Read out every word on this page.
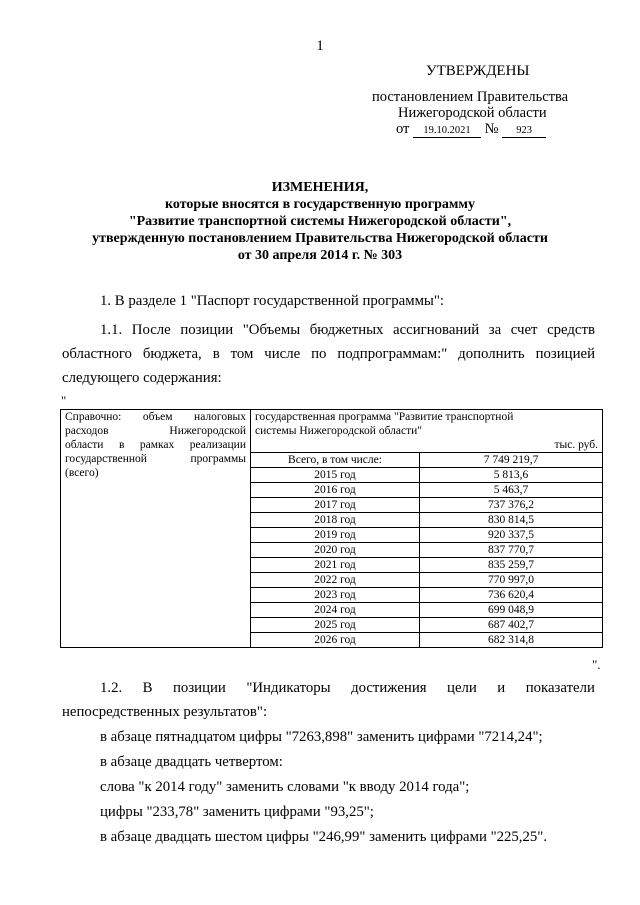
1
УТВЕРЖДЕНЫ
постановлением Правительства
Нижегородской области
от 19.10.2021 № 923
ИЗМЕНЕНИЯ,
которые вносятся в государственную программу
"Развитие транспортной системы Нижегородской области",
утвержденную постановлением Правительства Нижегородской области
от 30 апреля 2014 г. № 303
1. В разделе 1 "Паспорт государственной программы":
1.1. После позиции "Объемы бюджетных ассигнований за счет средств
областного бюджета, в том числе по подпрограммам:" дополнить позицией
следующего содержания:
"
Справочно: объем налоговых
расходов Нижегородской
области в рамках реализации
государственной программы
(всего)	государственная программа "Развитие транспортной
системы Нижегородской области"	
	тыс. руб.	
	Всего, в том числе:	7 749 219,7
	2015 год	5 813,6
	2016 год	5 463,7
	2017 год	737 376,2
	2018 год	830 814,5
	2019 год	920 337,5
	2020 год	837 770,7
	2021 год	835 259,7
	2022 год	770 997,0
	2023 год	736 620,4
	2024 год	699 048,9
	2025 год	687 402,7
	2026 год	682 314,8
".
1.2. В позиции "Индикаторы достижения цели и показатели
непосредственных результатов":
в абзаце пятнадцатом цифры "7263,898" заменить цифрами "7214,24";
в абзаце двадцать четвертом:
слова "к 2014 году" заменить словами "к вводу 2014 года";
цифры "233,78" заменить цифрами "93,25";
в абзаце двадцать шестом цифры "246,99" заменить цифрами "225,25".
